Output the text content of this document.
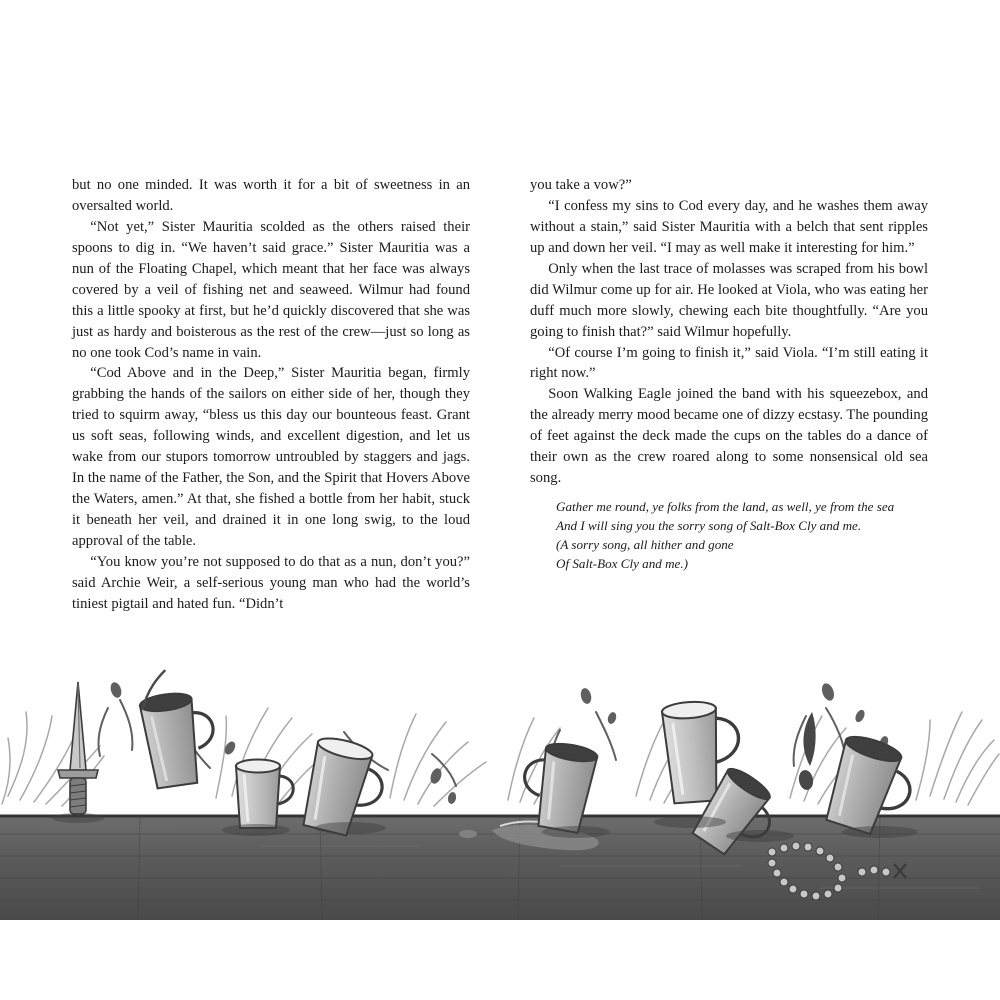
but no one minded. It was worth it for a bit of sweetness in an oversalted world.

“Not yet,” Sister Mauritia scolded as the others raised their spoons to dig in. “We haven’t said grace.” Sister Mauritia was a nun of the Floating Chapel, which meant that her face was always covered by a veil of fishing net and seaweed. Wilmur had found this a little spooky at first, but he’d quickly discovered that she was just as hardy and boisterous as the rest of the crew—just so long as no one took Cod’s name in vain.

“Cod Above and in the Deep,” Sister Mauritia began, firmly grabbing the hands of the sailors on either side of her, though they tried to squirm away, “bless us this day our bounteous feast. Grant us soft seas, following winds, and excellent digestion, and let us wake from our stupors tomorrow untroubled by staggers and jags. In the name of the Father, the Son, and the Spirit that Hovers Above the Waters, amen.” At that, she fished a bottle from her habit, stuck it beneath her veil, and drained it in one long swig, to the loud approval of the table.

“You know you’re not supposed to do that as a nun, don’t you?” said Archie Weir, a self-serious young man who had the world’s tiniest pigtail and hated fun. “Didn’t

you take a vow?”

“I confess my sins to Cod every day, and he washes them away without a stain,” said Sister Mauritia with a belch that sent ripples up and down her veil. “I may as well make it interesting for him.”

Only when the last trace of molasses was scraped from his bowl did Wilmur come up for air. He looked at Viola, who was eating her duff much more slowly, chewing each bite thoughtfully. “Are you going to finish that?” said Wilmur hopefully.

“Of course I’m going to finish it,” said Viola. “I’m still eating it right now.”

Soon Walking Eagle joined the band with his squeezebox, and the already merry mood became one of dizzy ecstasy. The pounding of feet against the deck made the cups on the tables do a dance of their own as the crew roared along to some nonsensical old sea song.

Gather me round, ye folks from the land, as well, ye from the sea
And I will sing you the sorry song of Salt-Box Cly and me.
(A sorry song, all hither and gone
Of Salt-Box Cly and me.)
